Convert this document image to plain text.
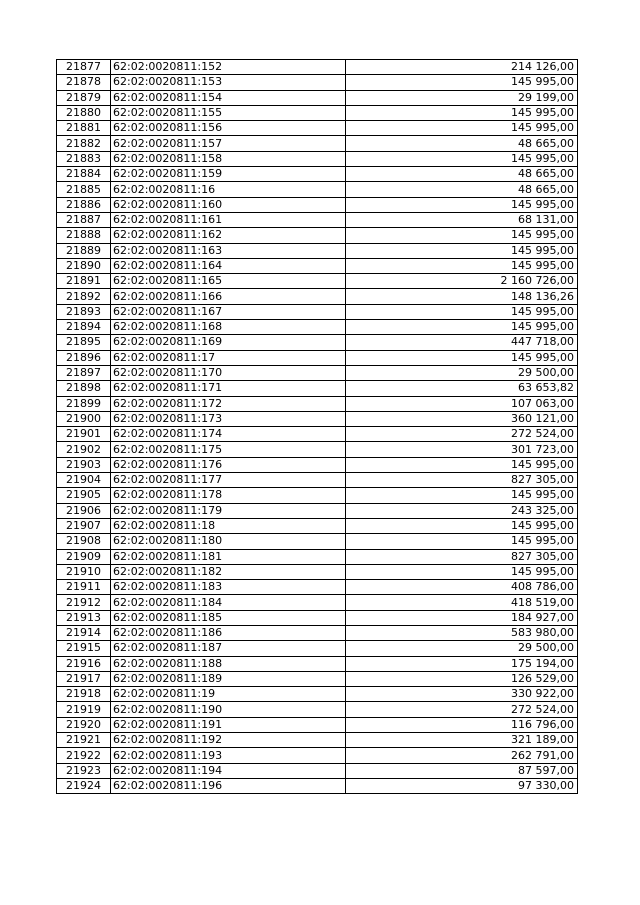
21877	62:02:0020811:152	214 126,00
21878	62:02:0020811:153	145 995,00
21879	62:02:0020811:154	29 199,00
21880	62:02:0020811:155	145 995,00
21881	62:02:0020811:156	145 995,00
21882	62:02:0020811:157	48 665,00
21883	62:02:0020811:158	145 995,00
21884	62:02:0020811:159	48 665,00
21885	62:02:0020811:16	48 665,00
21886	62:02:0020811:160	145 995,00
21887	62:02:0020811:161	68 131,00
21888	62:02:0020811:162	145 995,00
21889	62:02:0020811:163	145 995,00
21890	62:02:0020811:164	145 995,00
21891	62:02:0020811:165	2 160 726,00
21892	62:02:0020811:166	148 136,26
21893	62:02:0020811:167	145 995,00
21894	62:02:0020811:168	145 995,00
21895	62:02:0020811:169	447 718,00
21896	62:02:0020811:17	145 995,00
21897	62:02:0020811:170	29 500,00
21898	62:02:0020811:171	63 653,82
21899	62:02:0020811:172	107 063,00
21900	62:02:0020811:173	360 121,00
21901	62:02:0020811:174	272 524,00
21902	62:02:0020811:175	301 723,00
21903	62:02:0020811:176	145 995,00
21904	62:02:0020811:177	827 305,00
21905	62:02:0020811:178	145 995,00
21906	62:02:0020811:179	243 325,00
21907	62:02:0020811:18	145 995,00
21908	62:02:0020811:180	145 995,00
21909	62:02:0020811:181	827 305,00
21910	62:02:0020811:182	145 995,00
21911	62:02:0020811:183	408 786,00
21912	62:02:0020811:184	418 519,00
21913	62:02:0020811:185	184 927,00
21914	62:02:0020811:186	583 980,00
21915	62:02:0020811:187	29 500,00
21916	62:02:0020811:188	175 194,00
21917	62:02:0020811:189	126 529,00
21918	62:02:0020811:19	330 922,00
21919	62:02:0020811:190	272 524,00
21920	62:02:0020811:191	116 796,00
21921	62:02:0020811:192	321 189,00
21922	62:02:0020811:193	262 791,00
21923	62:02:0020811:194	87 597,00
21924	62:02:0020811:196	97 330,00
